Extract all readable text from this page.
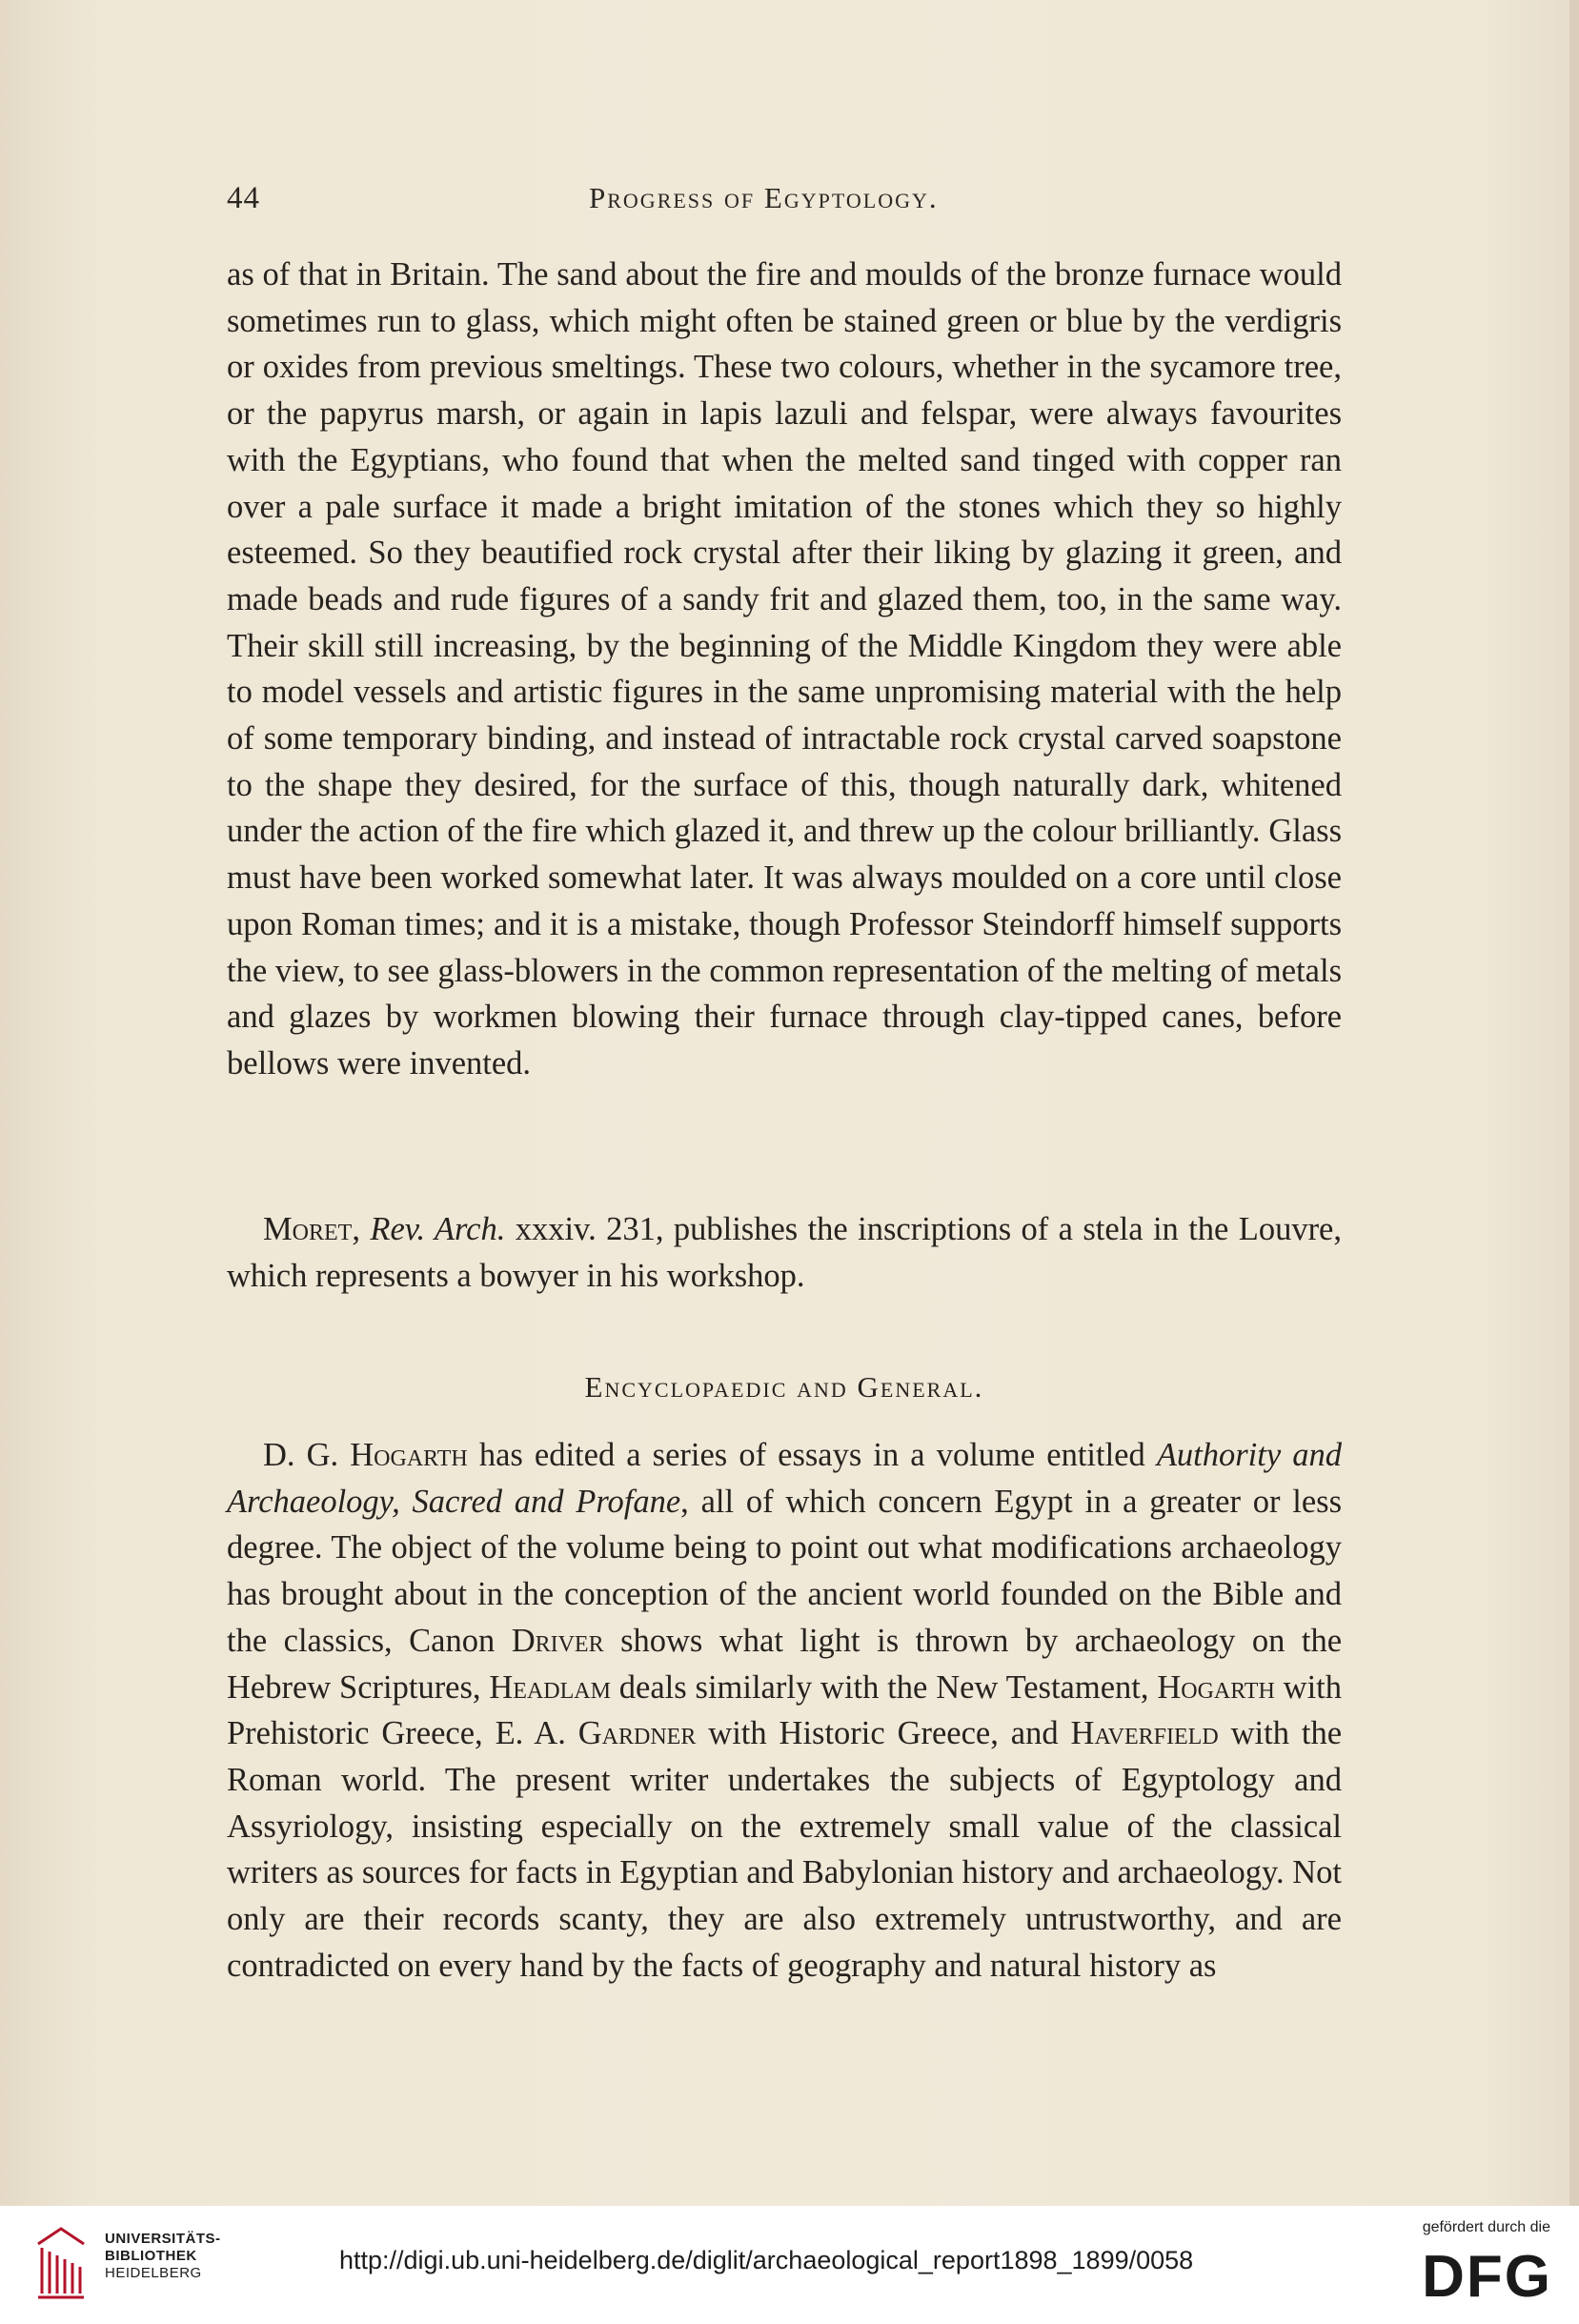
44	Progress of Egyptology.

as of that in Britain. The sand about the fire and moulds of the bronze furnace would sometimes run to glass, which might often be stained green or blue by the verdigris or oxides from previous smeltings. These two colours, whether in the sycamore tree, or the papyrus marsh, or again in lapis lazuli and felspar, were always favourites with the Egyptians, who found that when the melted sand tinged with copper ran over a pale surface it made a bright imitation of the stones which they so highly esteemed. So they beautified rock crystal after their liking by glazing it green, and made beads and rude figures of a sandy frit and glazed them, too, in the same way. Their skill still increasing, by the beginning of the Middle Kingdom they were able to model vessels and artistic figures in the same unpromising material with the help of some temporary binding, and instead of intractable rock crystal carved soapstone to the shape they desired, for the surface of this, though naturally dark, whitened under the action of the fire which glazed it, and threw up the colour brilliantly. Glass must have been worked somewhat later. It was always moulded on a core until close upon Roman times; and it is a mistake, though Professor Steindorff himself supports the view, to see glass-blowers in the common representation of the melting of metals and glazes by workmen blowing their furnace through clay-tipped canes, before bellows were invented.

Moret, Rev. Arch. xxxiv. 231, publishes the inscriptions of a stela in the Louvre, which represents a bowyer in his workshop.

Encyclopaedic and General.

D. G. Hogarth has edited a series of essays in a volume entitled Authority and Archaeology, Sacred and Profane, all of which concern Egypt in a greater or less degree. The object of the volume being to point out what modifications archaeology has brought about in the conception of the ancient world founded on the Bible and the classics, Canon Driver shows what light is thrown by archaeology on the Hebrew Scriptures, Headlam deals similarly with the New Testament, Hogarth with Prehistoric Greece, E. A. Gardner with Historic Greece, and Haverfield with the Roman world. The present writer undertakes the subjects of Egyptology and Assyriology, insisting especially on the extremely small value of the classical writers as sources for facts in Egyptian and Babylonian history and archaeology. Not only are their records scanty, they are also extremely untrustworthy, and are contradicted on every hand by the facts of geography and natural history as

UNIVERSITÄTS-
BIBLIOTHEK
HEIDELBERG	http://digi.ub.uni-heidelberg.de/diglit/archaeological_report1898_1899/0058
gefördert durch die
DFG
